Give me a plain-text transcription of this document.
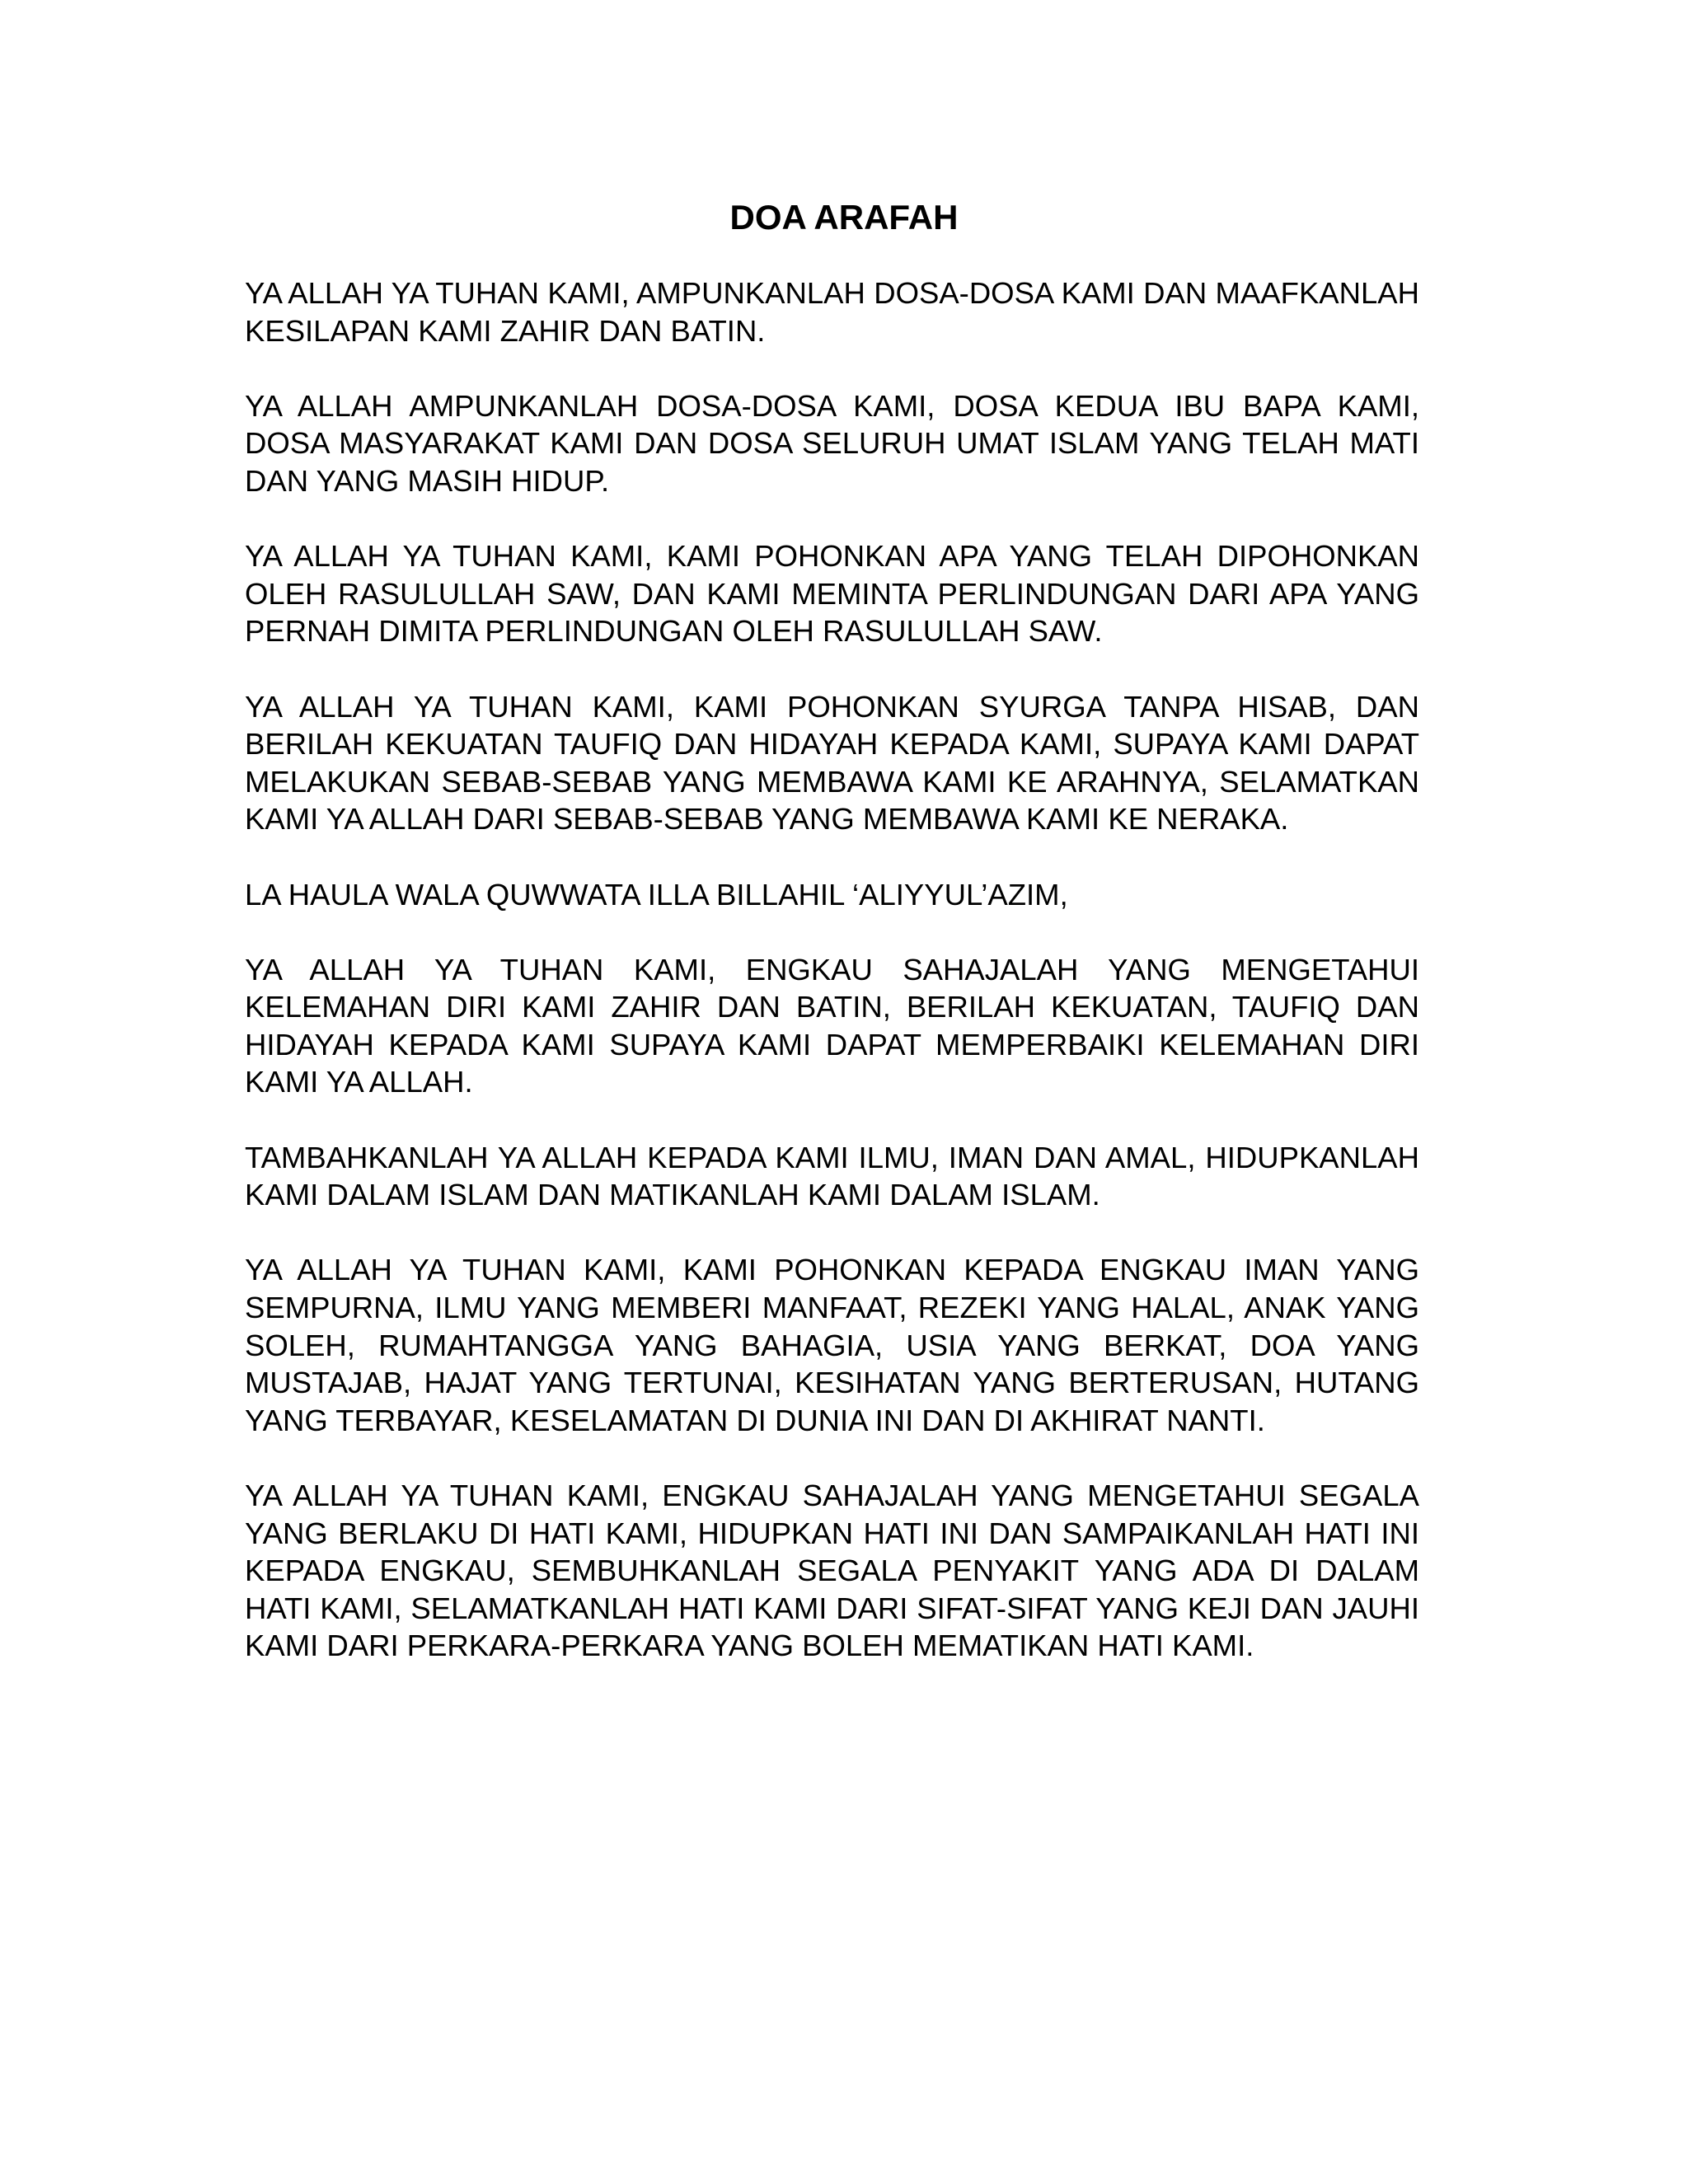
DOA ARAFAH

YA ALLAH YA TUHAN KAMI, AMPUNKANLAH DOSA-DOSA KAMI DAN MAAFKANLAH KESILAPAN KAMI ZAHIR DAN BATIN.

YA ALLAH AMPUNKANLAH DOSA-DOSA KAMI, DOSA KEDUA IBU BAPA KAMI, DOSA MASYARAKAT KAMI DAN DOSA SELURUH UMAT ISLAM YANG TELAH MATI DAN YANG MASIH HIDUP.

YA ALLAH YA TUHAN KAMI, KAMI POHONKAN APA YANG TELAH DIPOHONKAN OLEH RASULULLAH SAW, DAN KAMI MEMINTA PERLINDUNGAN DARI APA YANG PERNAH DIMITA PERLINDUNGAN OLEH RASULULLAH SAW.

YA ALLAH YA TUHAN KAMI, KAMI POHONKAN SYURGA TANPA HISAB, DAN BERILAH KEKUATAN TAUFIQ DAN HIDAYAH KEPADA KAMI, SUPAYA KAMI DAPAT MELAKUKAN SEBAB-SEBAB YANG MEMBAWA KAMI KE ARAHNYA, SELAMATKAN KAMI YA ALLAH DARI SEBAB-SEBAB YANG MEMBAWA KAMI KE NERAKA.

LA HAULA WALA QUWWATA ILLA BILLAHIL ‘ALIYYUL’AZIM,

YA ALLAH YA TUHAN KAMI, ENGKAU SAHAJALAH YANG MENGETAHUI KELEMAHAN DIRI KAMI ZAHIR DAN BATIN, BERILAH KEKUATAN, TAUFIQ DAN HIDAYAH KEPADA KAMI SUPAYA KAMI DAPAT MEMPERBAIKI KELEMAHAN DIRI KAMI YA ALLAH.

TAMBAHKANLAH YA ALLAH KEPADA KAMI ILMU, IMAN DAN AMAL, HIDUPKANLAH KAMI DALAM ISLAM DAN MATIKANLAH KAMI DALAM ISLAM.

YA ALLAH YA TUHAN KAMI, KAMI POHONKAN KEPADA ENGKAU IMAN YANG SEMPURNA, ILMU YANG MEMBERI MANFAAT, REZEKI YANG HALAL, ANAK YANG SOLEH, RUMAHTANGGA YANG BAHAGIA, USIA YANG BERKAT, DOA YANG MUSTAJAB, HAJAT YANG TERTUNAI, KESIHATAN YANG BERTERUSAN, HUTANG YANG TERBAYAR, KESELAMATAN DI DUNIA INI DAN DI AKHIRAT NANTI.

YA ALLAH YA TUHAN KAMI, ENGKAU SAHAJALAH YANG MENGETAHUI SEGALA YANG BERLAKU DI HATI KAMI, HIDUPKAN HATI INI DAN SAMPAIKANLAH HATI INI KEPADA ENGKAU, SEMBUHKANLAH SEGALA PENYAKIT YANG ADA DI DALAM HATI KAMI, SELAMATKANLAH HATI KAMI DARI SIFAT-SIFAT YANG KEJI DAN JAUHI KAMI DARI PERKARA-PERKARA YANG BOLEH MEMATIKAN HATI KAMI.
